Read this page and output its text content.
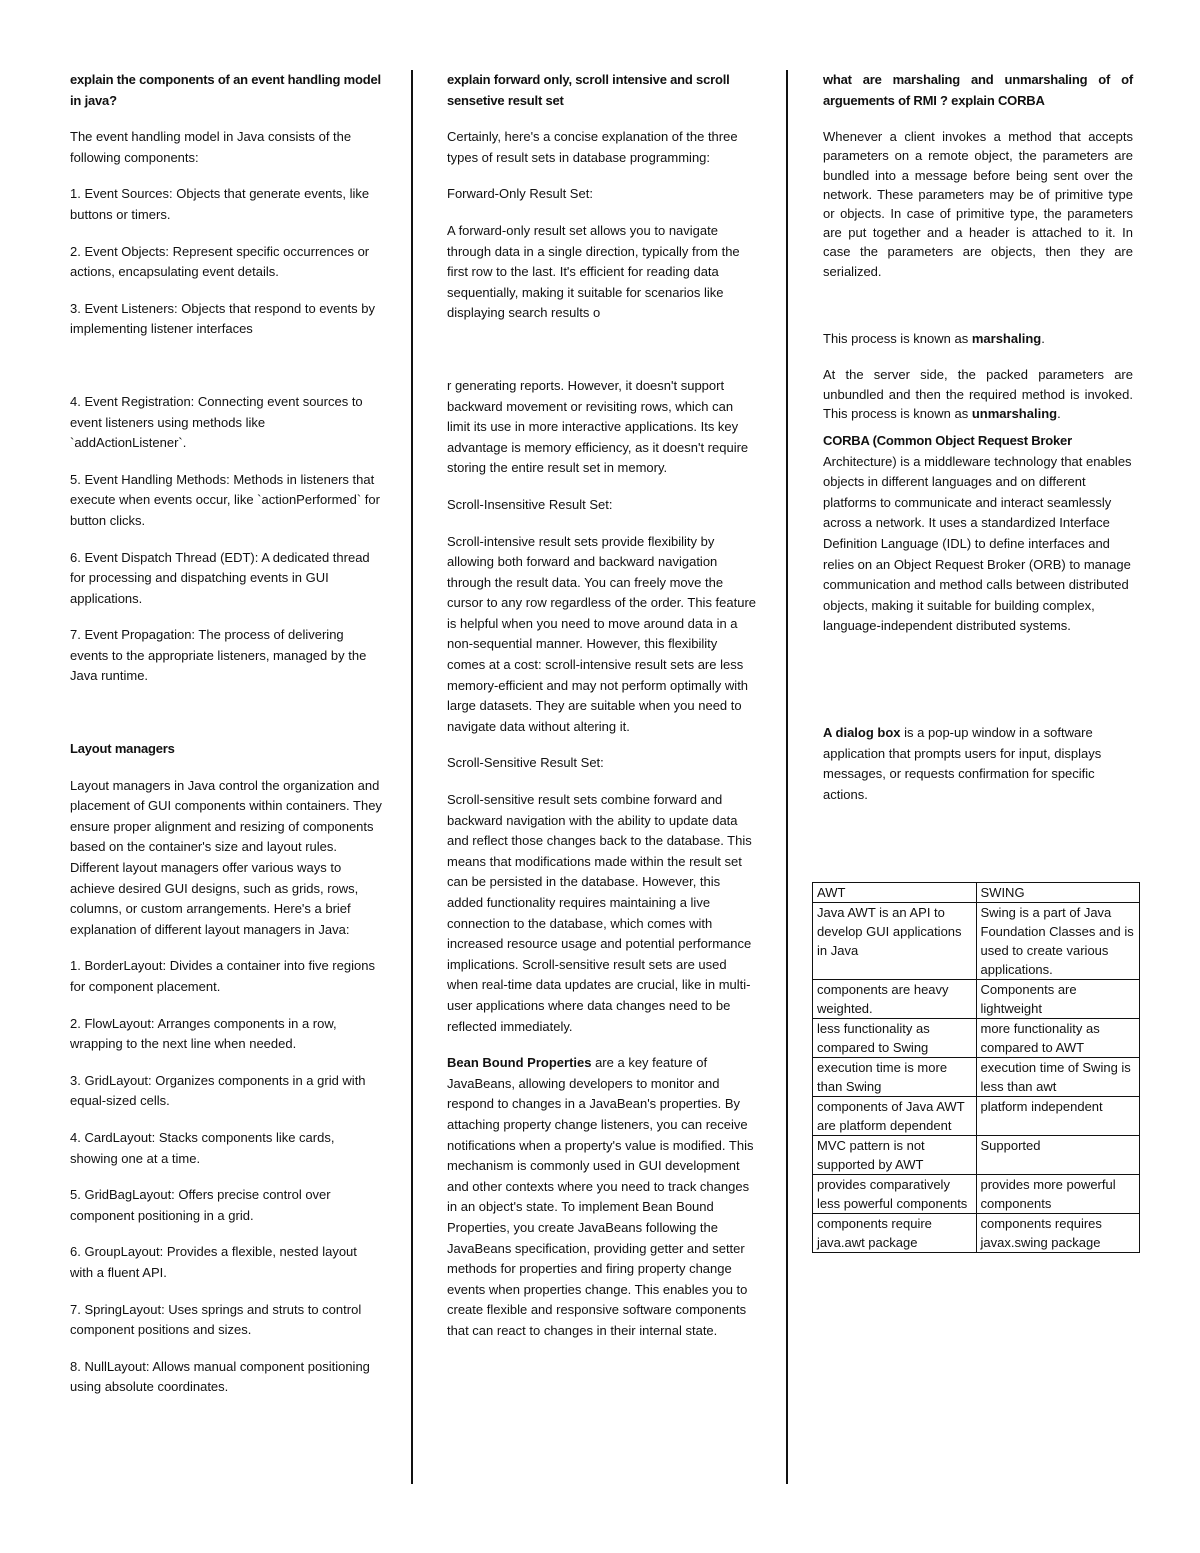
explain the components of an event handling model in java?

The event handling model in Java consists of the following components:

1. Event Sources: Objects that generate events, like buttons or timers.

2. Event Objects: Represent specific occurrences or actions, encapsulating event details.

3. Event Listeners: Objects that respond to events by implementing listener interfaces

4. Event Registration: Connecting event sources to event listeners using methods like `addActionListener`.

5. Event Handling Methods: Methods in listeners that execute when events occur, like `actionPerformed` for button clicks.

6. Event Dispatch Thread (EDT): A dedicated thread for processing and dispatching events in GUI applications.

7. Event Propagation: The process of delivering events to the appropriate listeners, managed by the Java runtime.

Layout managers

Layout managers in Java control the organization and placement of GUI components within containers. They ensure proper alignment and resizing of components based on the container's size and layout rules. Different layout managers offer various ways to achieve desired GUI designs, such as grids, rows, columns, or custom arrangements. Here's a brief explanation of different layout managers in Java:

1. BorderLayout: Divides a container into five regions for component placement.

2. FlowLayout: Arranges components in a row, wrapping to the next line when needed.

3. GridLayout: Organizes components in a grid with equal-sized cells.

4. CardLayout: Stacks components like cards, showing one at a time.

5. GridBagLayout: Offers precise control over component positioning in a grid.

6. GroupLayout: Provides a flexible, nested layout with a fluent API.

7. SpringLayout: Uses springs and struts to control component positions and sizes.

8. NullLayout: Allows manual component positioning using absolute coordinates.

explain forward only, scroll intensive and scroll sensetive result set

Certainly, here's a concise explanation of the three types of result sets in database programming:

Forward-Only Result Set:

A forward-only result set allows you to navigate through data in a single direction, typically from the first row to the last. It's efficient for reading data sequentially, making it suitable for scenarios like displaying search results o

r generating reports. However, it doesn't support backward movement or revisiting rows, which can limit its use in more interactive applications. Its key advantage is memory efficiency, as it doesn't require storing the entire result set in memory.

Scroll-Insensitive Result Set:

Scroll-intensive result sets provide flexibility by allowing both forward and backward navigation through the result data. You can freely move the cursor to any row regardless of the order. This feature is helpful when you need to move around data in a non-sequential manner. However, this flexibility comes at a cost: scroll-intensive result sets are less memory-efficient and may not perform optimally with large datasets. They are suitable when you need to navigate data without altering it.

Scroll-Sensitive Result Set:

Scroll-sensitive result sets combine forward and backward navigation with the ability to update data and reflect those changes back to the database. This means that modifications made within the result set can be persisted in the database. However, this added functionality requires maintaining a live connection to the database, which comes with increased resource usage and potential performance implications. Scroll-sensitive result sets are used when real-time data updates are crucial, like in multi-user applications where data changes need to be reflected immediately.

Bean Bound Properties are a key feature of JavaBeans, allowing developers to monitor and respond to changes in a JavaBean's properties. By attaching property change listeners, you can receive notifications when a property's value is modified. This mechanism is commonly used in GUI development and other contexts where you need to track changes in an object's state. To implement Bean Bound Properties, you create JavaBeans following the JavaBeans specification, providing getter and setter methods for properties and firing property change events when properties change. This enables you to create flexible and responsive software components that can react to changes in their internal state.

what are marshaling and unmarshaling of of arguements of RMI ? explain CORBA

Whenever a client invokes a method that accepts parameters on a remote object, the parameters are bundled into a message before being sent over the network. These parameters may be of primitive type or objects. In case of primitive type, the parameters are put together and a header is attached to it. In case the parameters are objects, then they are serialized.

This process is known as marshaling.

At the server side, the packed parameters are unbundled and then the required method is invoked. This process is known as unmarshaling.

CORBA (Common Object Request Broker

Architecture) is a middleware technology that enables objects in different languages and on different platforms to communicate and interact seamlessly across a network. It uses a standardized Interface Definition Language (IDL) to define interfaces and relies on an Object Request Broker (ORB) to manage communication and method calls between distributed objects, making it suitable for building complex, language-independent distributed systems.

A dialog box is a pop-up window in a software application that prompts users for input, displays messages, or requests confirmation for specific actions.

AWT	SWING
Java AWT is an API to develop GUI applications in Java	Swing is a part of Java Foundation Classes and is used to create various applications.
components are heavy weighted.	Components are lightweight
less functionality as compared to Swing	more functionality as compared to AWT
execution time is more than Swing	execution time of Swing is less than awt
components of Java AWT are platform dependent	platform independent
MVC pattern is not supported by AWT	Supported
provides comparatively less powerful components	provides more powerful components
components require java.awt package	components requires javax.swing package
